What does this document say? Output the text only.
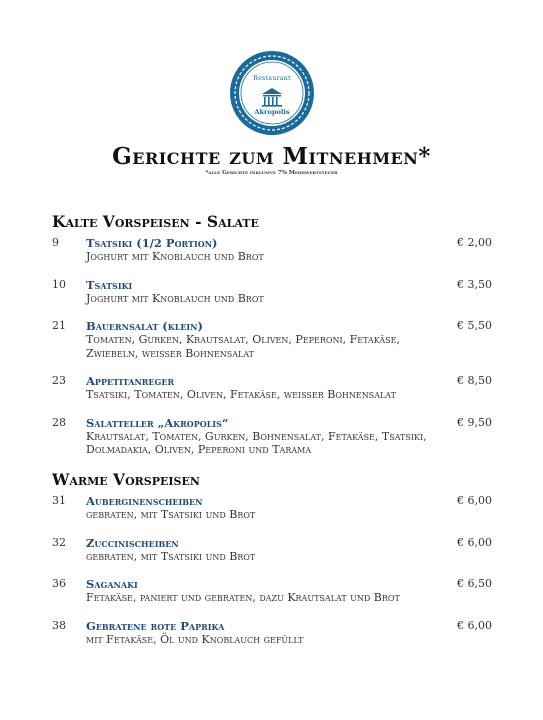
Restaurant
Akropolis
Gerichte zum Mitnehmen*
*alle Gerichte inklusive 7% Mehrwertsteuer
Kalte Vorspeisen - Salate
9 Tsatsiki (1/2 Portion)
Joghurt mit Knoblauch und Brot
€ 2,00
10 Tsatsiki
Joghurt mit Knoblauch und Brot
€ 3,50
21 Bauernsalat (klein)
Tomaten, Gurken, Krautsalat, Oliven, Peperoni, Fetakäse, Zwiebeln, weisser Bohnensalat
€ 5,50
23 Appetitanreger
Tsatsiki, Tomaten, Oliven, Fetakäse, weisser Bohnensalat
€ 8,50
28 Salatteller „Akropolis“
Krautsalat, Tomaten, Gurken, Bohnensalat, Fetakäse, Tsatsiki, Dolmadakia, Oliven, Peperoni und Tarama
€ 9,50
Warme Vorspeisen
31 Auberginenscheiben
gebraten, mit Tsatsiki und Brot
€ 6,00
32 Zuccinischeiben
gebraten, mit Tsatsiki und Brot
€ 6,00
36 Saganaki
Fetakäse, paniert und gebraten, dazu Krautsalat und Brot
€ 6,50
38 Gebratene rote Paprika
mit Fetakäse, Öl und Knoblauch gefüllt
€ 6,00
